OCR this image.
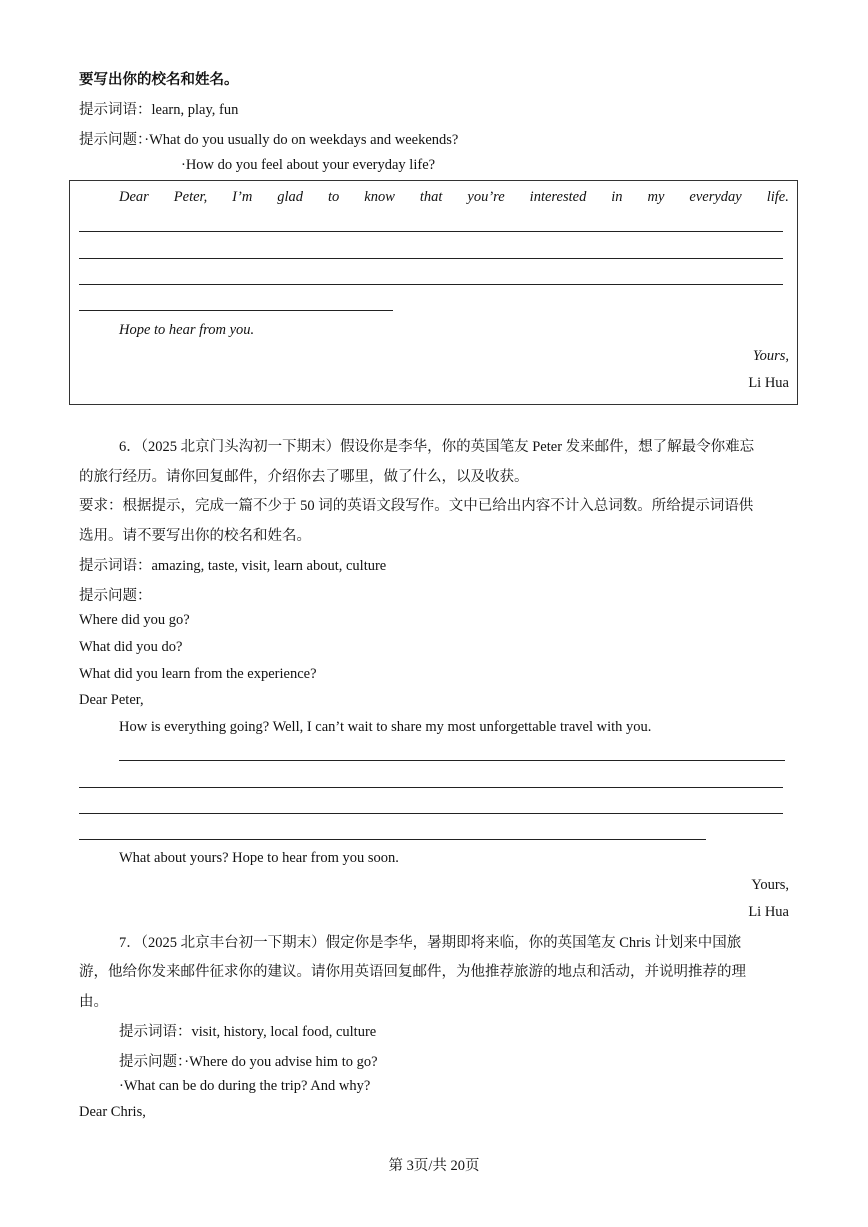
要写出你的校名和姓名。
提示词语：learn, play, fun
提示问题：·What do you usually do on weekdays and weekends?
·How do you feel about your everyday life?
Dear Peter, I’m glad to know that you’re interested in my everyday life.
Hope to hear from you.
Yours,
Li Hua
6．（2025 北京门头沟初一下期末）假设你是李华，你的英国笔友 Peter 发来邮件，想了解最令你难忘
的旅行经历。请你回复邮件，介绍你去了哪里，做了什么，以及收获。
要求：根据提示，完成一篇不少于 50 词的英语文段写作。文中已给出内容不计入总词数。所给提示词语供
选用。请不要写出你的校名和姓名。
提示词语：amazing, taste, visit, learn about, culture
提示问题：
Where did you go?
What did you do?
What did you learn from the experience?
Dear Peter,
How is everything going? Well, I can’t wait to share my most unforgettable travel with you.
What about yours? Hope to hear from you soon.
Yours,
Li Hua
7．（2025 北京丰台初一下期末）假定你是李华，暑期即将来临，你的英国笔友 Chris 计划来中国旅
游，他给你发来邮件征求你的建议。请你用英语回复邮件，为他推荐旅游的地点和活动，并说明推荐的理
由。
提示词语：visit, history, local food, culture
提示问题：·Where do you advise him to go?
·What can be do during the trip? And why?
Dear Chris,
第 3页/共 20页
